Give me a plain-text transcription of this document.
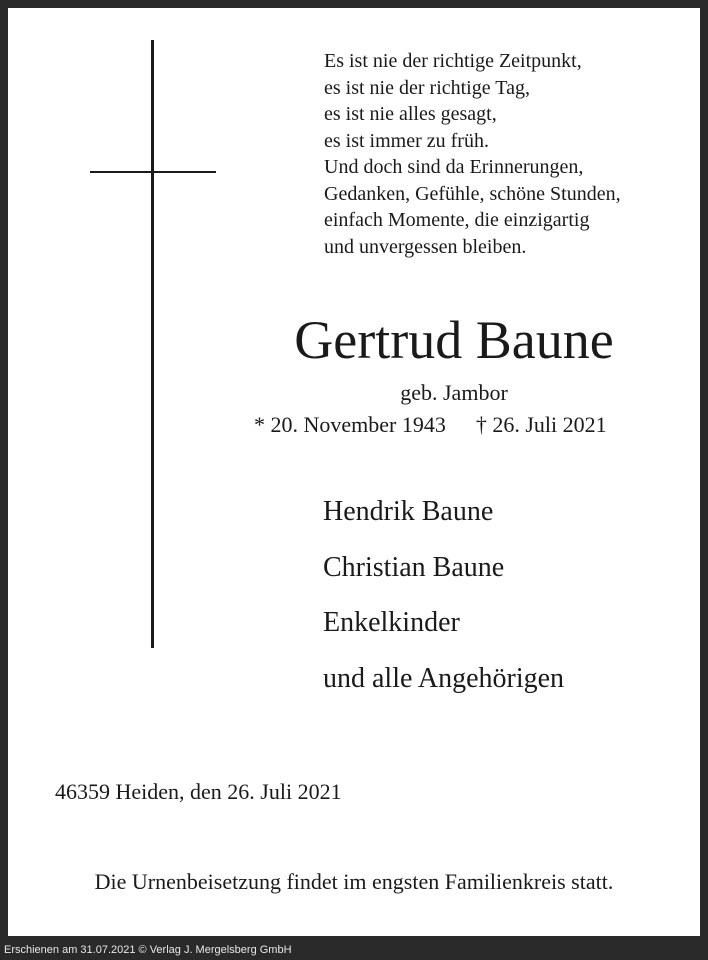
Es ist nie der richtige Zeitpunkt,
es ist nie der richtige Tag,
es ist nie alles gesagt,
es ist immer zu früh.
Und doch sind da Erinnerungen,
Gedanken, Gefühle, schöne Stunden,
einfach Momente, die einzigartig
und unvergessen bleiben.
Gertrud Baune
geb. Jambor
* 20. November 1943 † 26. Juli 2021
Hendrik Baune
Christian Baune
Enkelkinder
und alle Angehörigen
46359 Heiden, den 26. Juli 2021
Die Urnenbeisetzung findet im engsten Familienkreis statt.
Erschienen am 31.07.2021 © Verlag J. Mergelsberg GmbH
